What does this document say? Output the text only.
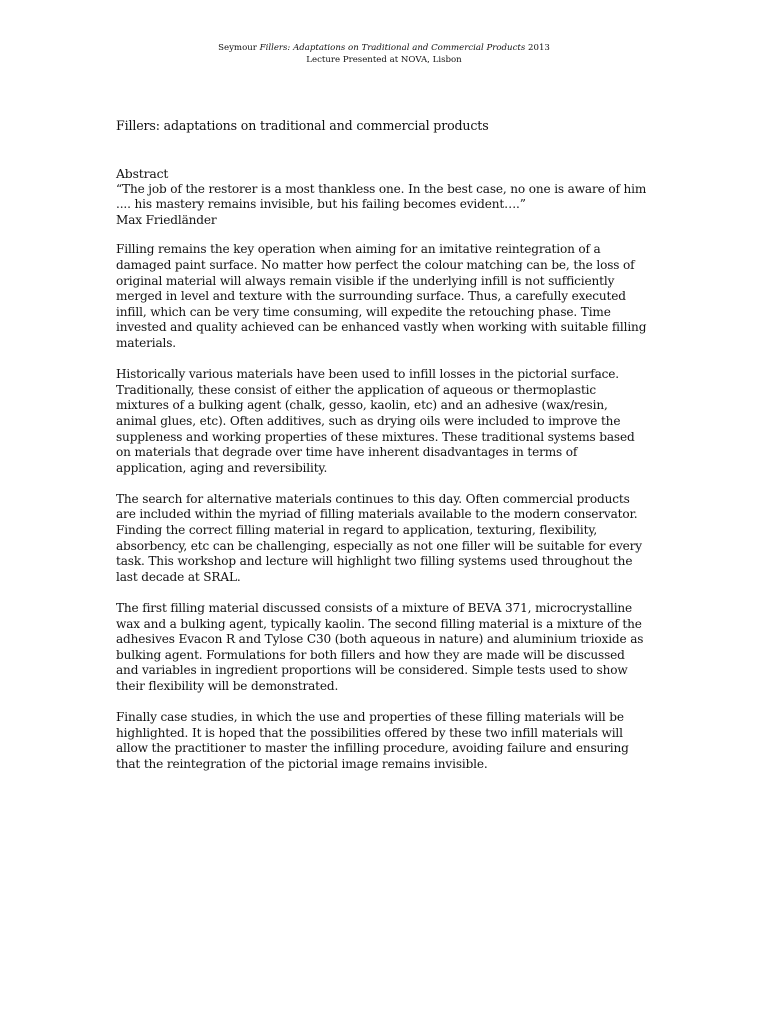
Seymour Fillers: Adaptations on Traditional and Commercial Products 2013
Lecture Presented at NOVA, Lisbon
Fillers: adaptations on traditional and commercial products
Abstract
“The job of the restorer is a most thankless one. In the best case, no one is aware of him
.... his mastery remains invisible, but his failing becomes evident….”
Max Friedländer

Filling remains the key operation when aiming for an imitative reintegration of a
damaged paint surface. No matter how perfect the colour matching can be, the loss of
original material will always remain visible if the underlying infill is not sufficiently
merged in level and texture with the surrounding surface. Thus, a carefully executed
infill, which can be very time consuming, will expedite the retouching phase. Time
invested and quality achieved can be enhanced vastly when working with suitable filling
materials.

Historically various materials have been used to infill losses in the pictorial surface.
Traditionally, these consist of either the application of aqueous or thermoplastic
mixtures of a bulking agent (chalk, gesso, kaolin, etc) and an adhesive (wax/resin,
animal glues, etc). Often additives, such as drying oils were included to improve the
suppleness and working properties of these mixtures. These traditional systems based
on materials that degrade over time have inherent disadvantages in terms of
application, aging and reversibility.

The search for alternative materials continues to this day. Often commercial products
are included within the myriad of filling materials available to the modern conservator.
Finding the correct filling material in regard to application, texturing, flexibility,
absorbency, etc can be challenging, especially as not one filler will be suitable for every
task. This workshop and lecture will highlight two filling systems used throughout the
last decade at SRAL.

The first filling material discussed consists of a mixture of BEVA 371, microcrystalline
wax and a bulking agent, typically kaolin. The second filling material is a mixture of the
adhesives Evacon R and Tylose C30 (both aqueous in nature) and aluminium trioxide as
bulking agent. Formulations for both fillers and how they are made will be discussed
and variables in ingredient proportions will be considered. Simple tests used to show
their flexibility will be demonstrated.

Finally case studies, in which the use and properties of these filling materials will be
highlighted. It is hoped that the possibilities offered by these two infill materials will
allow the practitioner to master the infilling procedure, avoiding failure and ensuring
that the reintegration of the pictorial image remains invisible.
